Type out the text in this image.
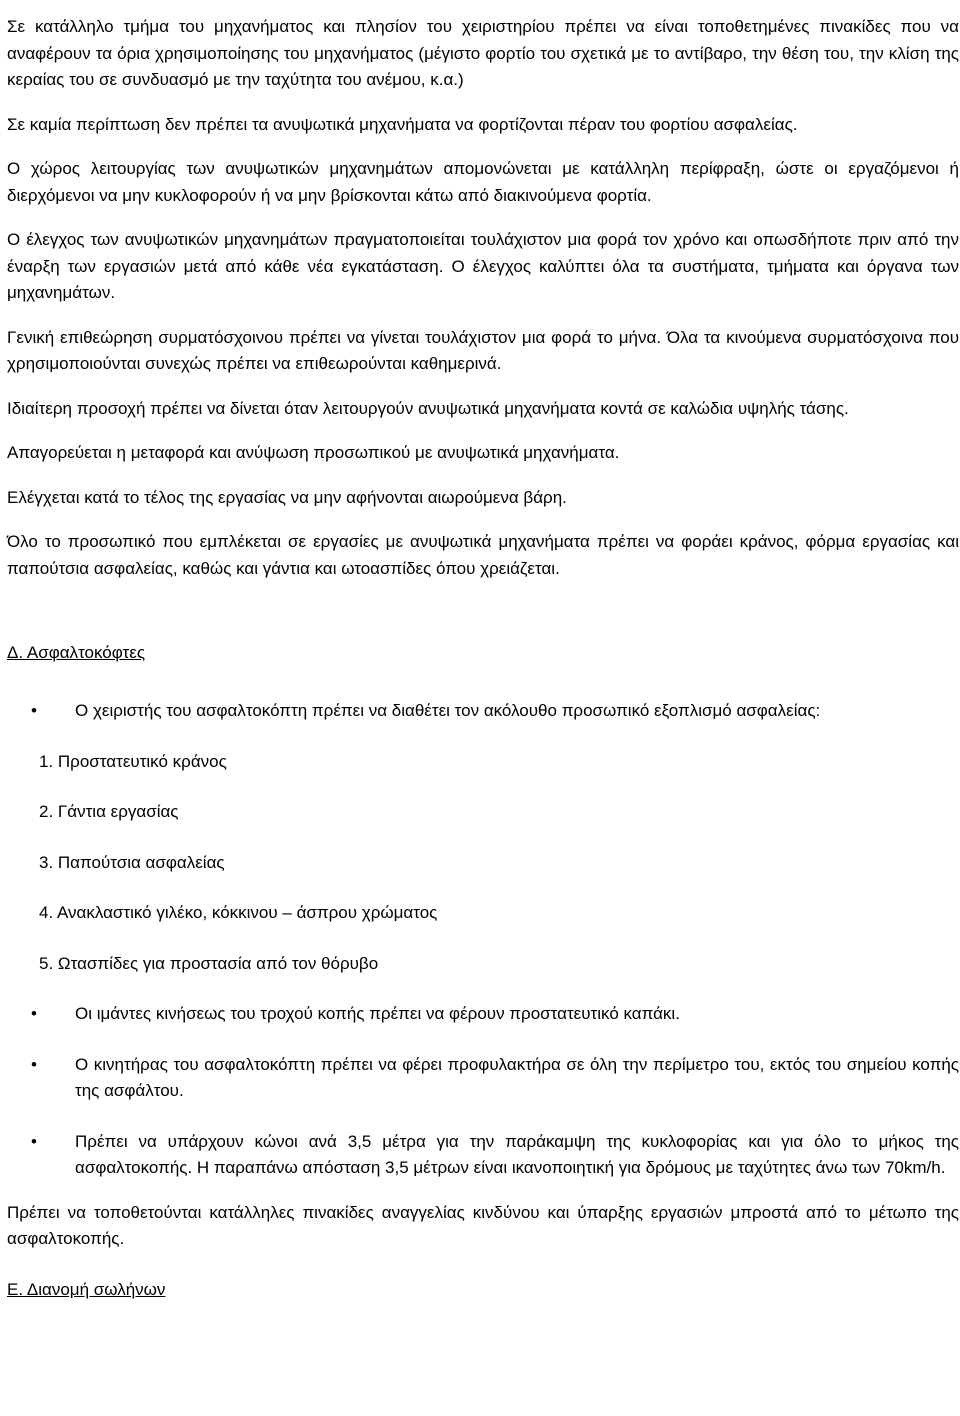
Σε κατάλληλο τμήμα του μηχανήματος και πλησίον του χειριστηρίου πρέπει να είναι τοποθετημένες πινακίδες που να αναφέρουν τα όρια χρησιμοποίησης του μηχανήματος (μέγιστο φορτίο του σχετικά με το αντίβαρο, την θέση του, την κλίση της κεραίας του σε συνδυασμό με την ταχύτητα του ανέμου, κ.α.)

Σε καμία περίπτωση δεν πρέπει τα ανυψωτικά μηχανήματα να φορτίζονται πέραν του φορτίου ασφαλείας.

Ο χώρος λειτουργίας των ανυψωτικών μηχανημάτων απομονώνεται με κατάλληλη περίφραξη, ώστε οι εργαζόμενοι ή διερχόμενοι να μην κυκλοφορούν ή να μην βρίσκονται κάτω από διακινούμενα φορτία.

Ο έλεγχος των ανυψωτικών μηχανημάτων πραγματοποιείται τουλάχιστον μια φορά τον χρόνο και οπωσδήποτε πριν από την έναρξη των εργασιών μετά από κάθε νέα εγκατάσταση. Ο έλεγχος καλύπτει όλα τα συστήματα, τμήματα και όργανα των μηχανημάτων.

Γενική επιθεώρηση συρματόσχοινου πρέπει να γίνεται τουλάχιστον μια φορά το μήνα. Όλα τα κινούμενα συρματόσχοινα που χρησιμοποιούνται συνεχώς πρέπει να επιθεωρούνται καθημερινά.

Ιδιαίτερη προσοχή πρέπει να δίνεται όταν λειτουργούν ανυψωτικά μηχανήματα κοντά σε καλώδια υψηλής τάσης.

Απαγορεύεται η μεταφορά και ανύψωση προσωπικού με ανυψωτικά μηχανήματα.

Ελέγχεται κατά το τέλος της εργασίας να μην αφήνονται αιωρούμενα βάρη.

Όλο το προσωπικό που εμπλέκεται σε εργασίες με ανυψωτικά μηχανήματα πρέπει να φοράει κράνος, φόρμα εργασίας και παπούτσια ασφαλείας, καθώς και γάντια και ωτοασπίδες όπου χρειάζεται.

Δ. Ασφαλτοκόφτες

• Ο χειριστής του ασφαλτοκόπτη πρέπει να διαθέτει τον ακόλουθο προσωπικό εξοπλισμό ασφαλείας:

1. Προστατευτικό κράνος

2. Γάντια εργασίας

3. Παπούτσια ασφαλείας

4. Ανακλαστικό γιλέκο, κόκκινου – άσπρου χρώματος

5. Ωτασπίδες για προστασία από τον θόρυβο

• Οι ιμάντες κινήσεως του τροχού κοπής πρέπει να φέρουν προστατευτικό καπάκι.
• Ο κινητήρας του ασφαλτοκόπτη πρέπει να φέρει προφυλακτήρα σε όλη την περίμετρο του, εκτός του σημείου κοπής της ασφάλτου.
• Πρέπει να υπάρχουν κώνοι ανά 3,5 μέτρα για την παράκαμψη της κυκλοφορίας και για όλο το μήκος της ασφαλτοκοπής. Η παραπάνω απόσταση 3,5 μέτρων είναι ικανοποιητική για δρόμους με ταχύτητες άνω των 70km/h.

Πρέπει να τοποθετούνται κατάλληλες πινακίδες αναγγελίας κινδύνου και ύπαρξης εργασιών μπροστά από το μέτωπο της ασφαλτοκοπής.

Ε. Διανομή σωλήνων
